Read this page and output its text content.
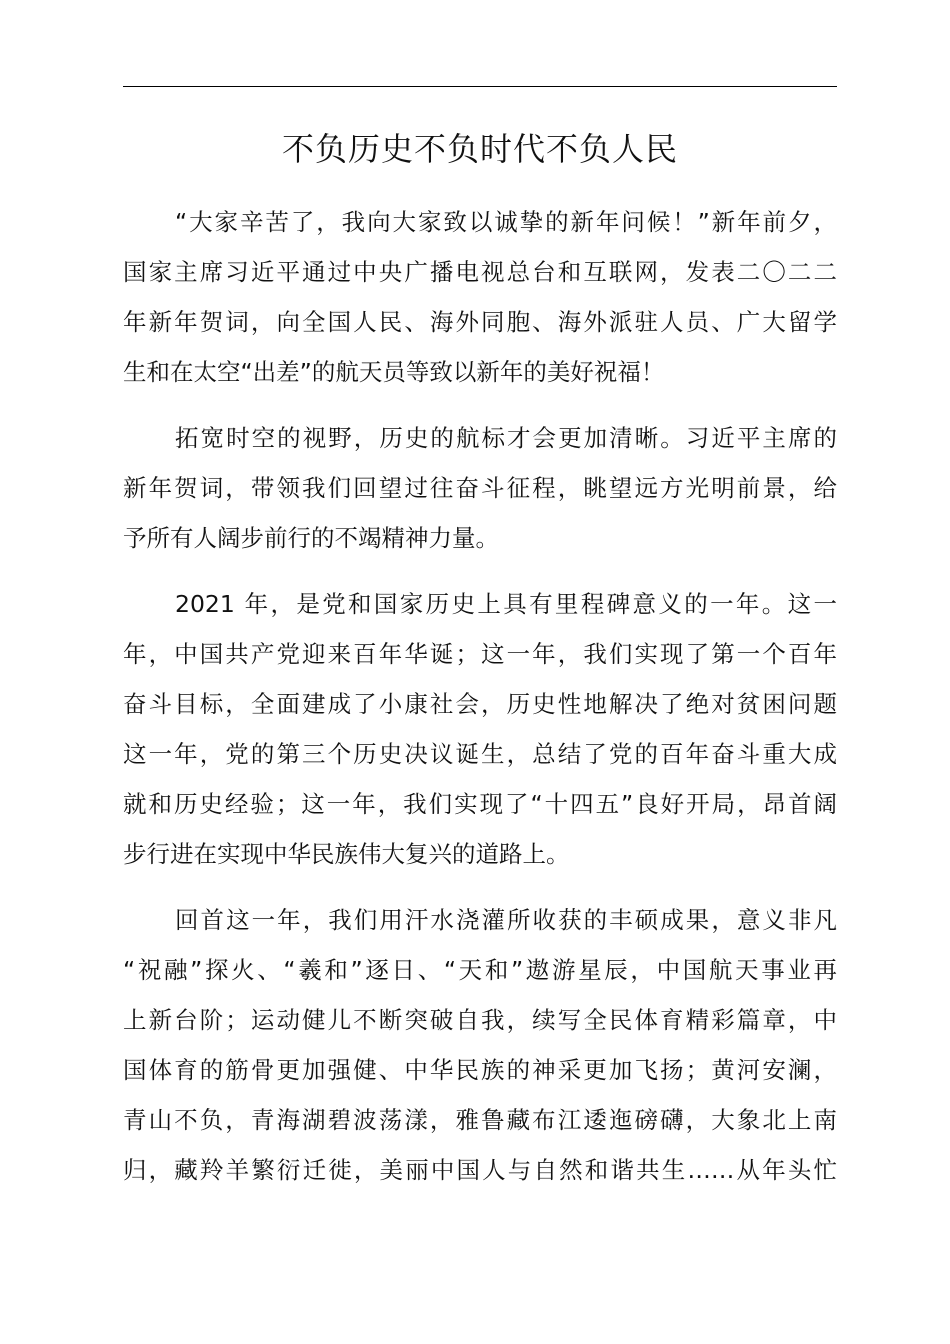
不负历史不负时代不负人民
“大家辛苦了，我向大家致以诚挚的新年问候！”新年前夕，
国家主席习近平通过中央广播电视总台和互联网，发表二〇二二
年新年贺词，向全国人民、海外同胞、海外派驻人员、广大留学
生和在太空“出差”的航天员等致以新年的美好祝福！
拓宽时空的视野，历史的航标才会更加清晰。习近平主席的
新年贺词，带领我们回望过往奋斗征程，眺望远方光明前景，给
予所有人阔步前行的不竭精神力量。
2021 年，是党和国家历史上具有里程碑意义的一年。这一
年，中国共产党迎来百年华诞；这一年，我们实现了第一个百年
奋斗目标，全面建成了小康社会，历史性地解决了绝对贫困问题
这一年，党的第三个历史决议诞生，总结了党的百年奋斗重大成
就和历史经验；这一年，我们实现了“十四五”良好开局，昂首阔
步行进在实现中华民族伟大复兴的道路上。
回首这一年，我们用汗水浇灌所收获的丰硕成果，意义非凡
“祝融”探火、“羲和”逐日、“天和”遨游星辰，中国航天事业再
上新台阶；运动健儿不断突破自我，续写全民体育精彩篇章，中
国体育的筋骨更加强健、中华民族的神采更加飞扬；黄河安澜，
青山不负，青海湖碧波荡漾，雅鲁藏布江逶迤磅礴，大象北上南
归，藏羚羊繁衍迁徙，美丽中国人与自然和谐共生……从年头忙
